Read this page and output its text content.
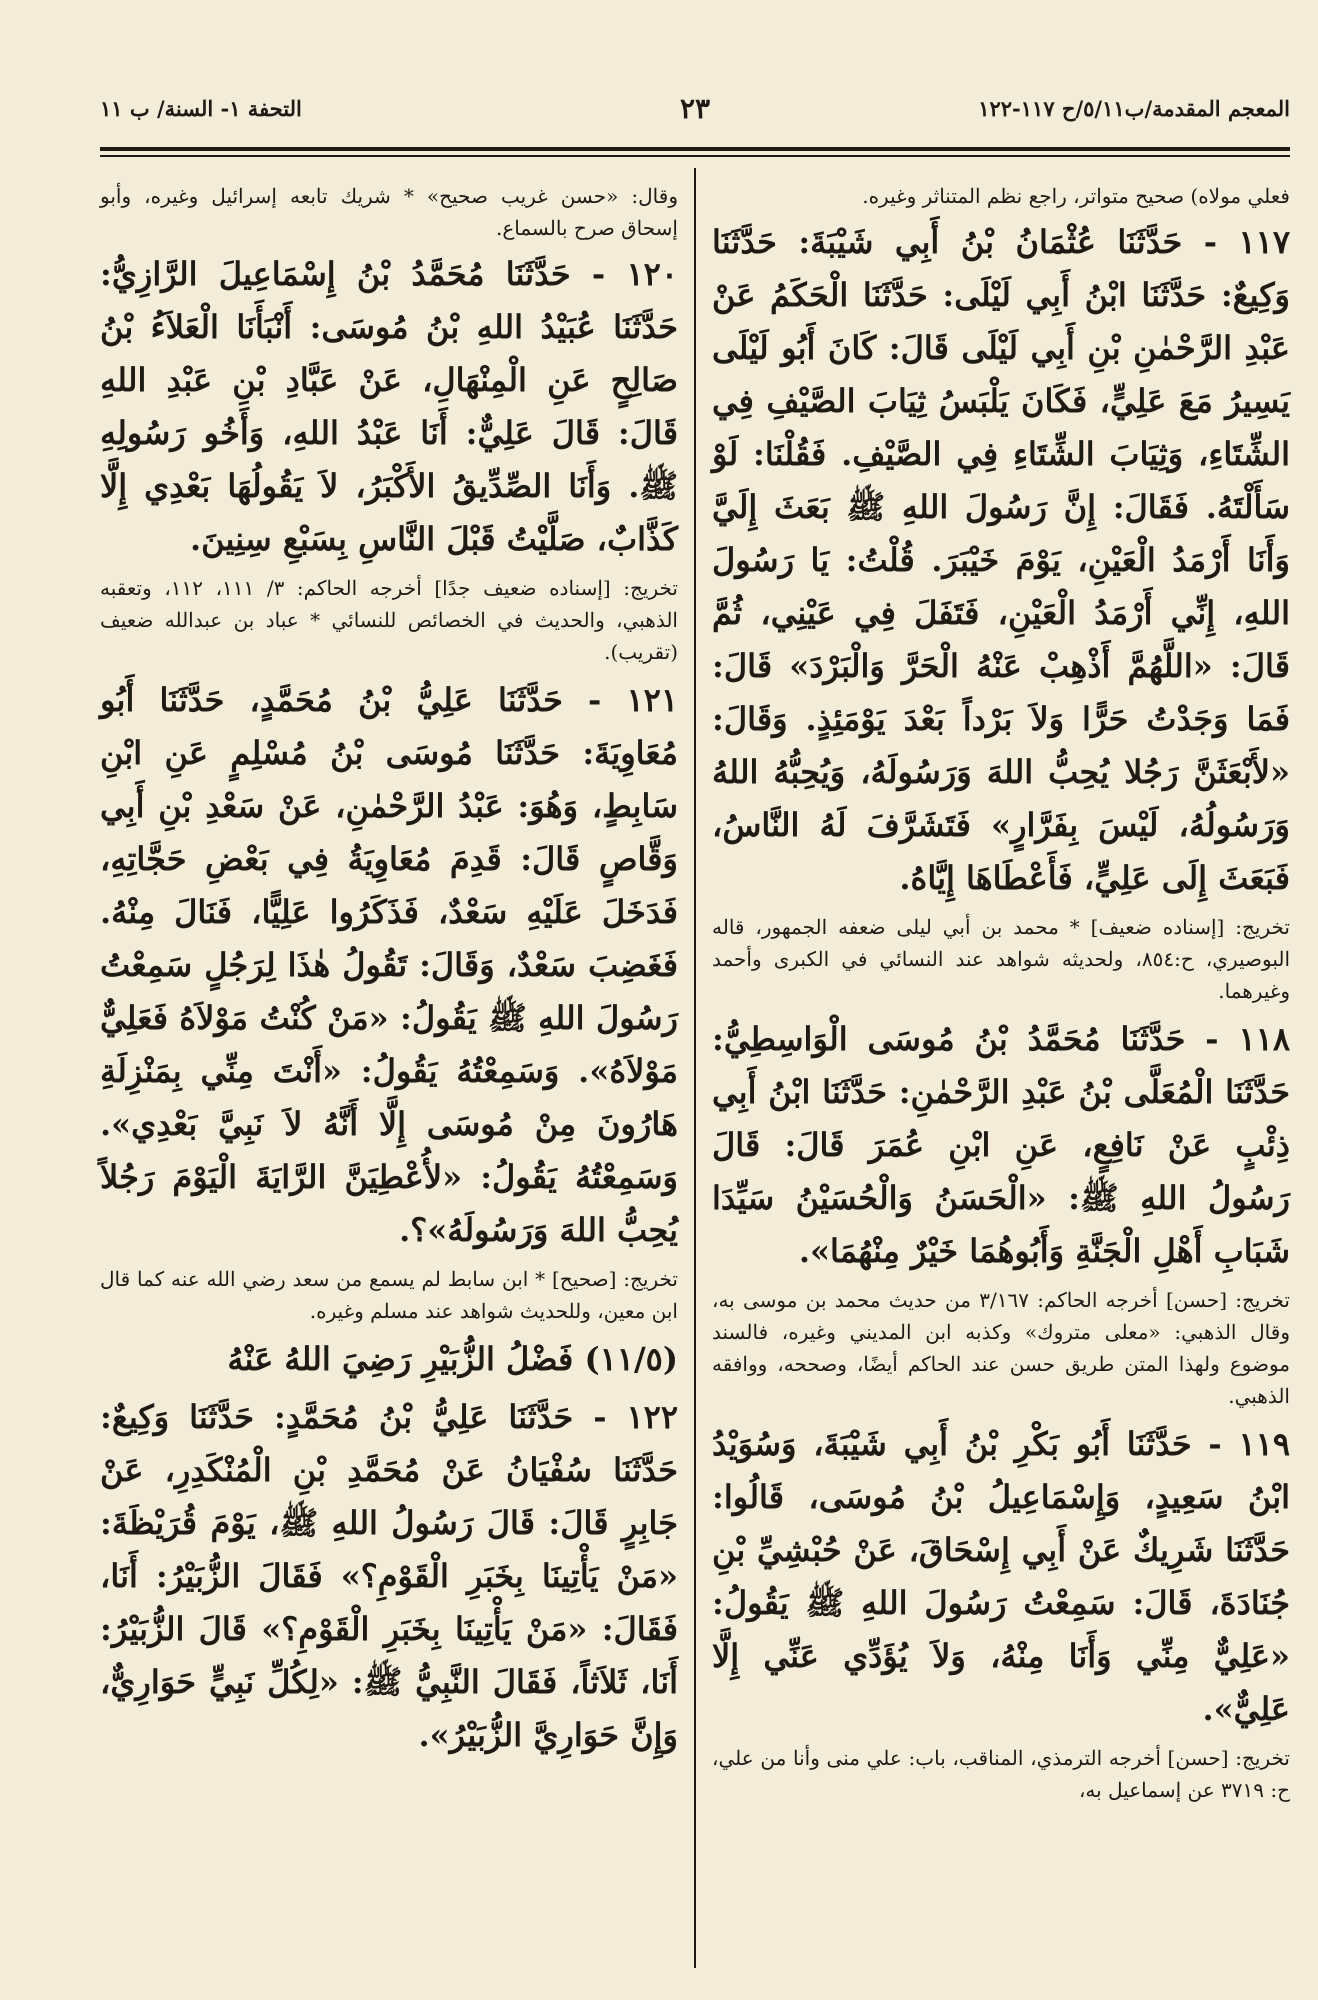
المعجم المقدمة/ب٥/١١/ح ١١٧-١٢٢
٢٣
التحفة ١- السنة/ ب ١١

فعلي مولاه) صحيح متواتر، راجع نظم المتناثر وغيره.

١١٧ - حَدَّثَنَا عُثْمَانُ بْنُ أَبِي شَيْبَةَ: حَدَّثَنَا وَكِيعٌ: حَدَّثَنَا ابْنُ أَبِي لَيْلَى: حَدَّثَنَا الْحَكَمُ عَنْ عَبْدِ الرَّحْمٰنِ بْنِ أَبِي لَيْلَى قَالَ: كَانَ أَبُو لَيْلَى يَسِيرُ مَعَ عَلِيٍّ، فَكَانَ يَلْبَسُ ثِيَابَ الصَّيْفِ فِي الشِّتَاءِ، وَثِيَابَ الشِّتَاءِ فِي الصَّيْفِ. فَقُلْنَا: لَوْ سَأَلْتَهُ. فَقَالَ: إِنَّ رَسُولَ اللهِ ﷺ بَعَثَ إِلَيَّ وَأَنَا أَرْمَدُ الْعَيْنِ، يَوْمَ خَيْبَرَ. قُلْتُ: يَا رَسُولَ اللهِ، إِنِّي أَرْمَدُ الْعَيْنِ، فَتَفَلَ فِي عَيْنِي، ثُمَّ قَالَ: «اللَّهُمَّ أَذْهِبْ عَنْهُ الْحَرَّ وَالْبَرْدَ» قَالَ: فَمَا وَجَدْتُ حَرًّا وَلاَ بَرْداً بَعْدَ يَوْمَئِذٍ. وَقَالَ: «لأَبْعَثَنَّ رَجُلا يُحِبُّ اللهَ وَرَسُولَهُ، وَيُحِبُّهُ اللهُ وَرَسُولُهُ، لَيْسَ بِفَرَّارٍ» فَتَشَرَّفَ لَهُ النَّاسُ، فَبَعَثَ إِلَى عَلِيٍّ، فَأَعْطَاهَا إِيَّاهُ.

تخريج: [إسناده ضعيف] * محمد بن أبي ليلى ضعفه الجمهور، قاله البوصيري، ح:٨٥٤، ولحديثه شواهد عند النسائي في الكبرى وأحمد وغيرهما.

١١٨ - حَدَّثَنَا مُحَمَّدُ بْنُ مُوسَى الْوَاسِطِيُّ: حَدَّثَنَا الْمُعَلَّى بْنُ عَبْدِ الرَّحْمٰنِ: حَدَّثَنَا ابْنُ أَبِي ذِئْبٍ عَنْ نَافِعٍ، عَنِ ابْنِ عُمَرَ قَالَ: قَالَ رَسُولُ اللهِ ﷺ: «الْحَسَنُ وَالْحُسَيْنُ سَيِّدَا شَبَابِ أَهْلِ الْجَنَّةِ وَأَبُوهُمَا خَيْرٌ مِنْهُمَا».

تخريج: [حسن] أخرجه الحاكم: ٣/١٦٧ من حديث محمد بن موسى به، وقال الذهبي: «معلى متروك» وكذبه ابن المديني وغيره، فالسند موضوع ولهذا المتن طريق حسن عند الحاكم أيضًا، وصححه، ووافقه الذهبي.

١١٩ - حَدَّثَنَا أَبُو بَكْرِ بْنُ أَبِي شَيْبَةَ، وَسُوَيْدُ ابْنُ سَعِيدٍ، وَإِسْمَاعِيلُ بْنُ مُوسَى، قَالُوا: حَدَّثَنَا شَرِيكٌ عَنْ أَبِي إِسْحَاقَ، عَنْ حُبْشِيِّ بْنِ جُنَادَةَ، قَالَ: سَمِعْتُ رَسُولَ اللهِ ﷺ يَقُولُ: «عَلِيٌّ مِنِّي وَأَنَا مِنْهُ، وَلاَ يُؤَدِّي عَنِّي إِلَّا عَلِيٌّ».

تخريج: [حسن] أخرجه الترمذي، المناقب، باب: علي منى وأنا من علي، ح: ٣٧١٩ عن إسماعيل به،

وقال: «حسن غريب صحيح» * شريك تابعه إسرائيل وغيره، وأبو إسحاق صرح بالسماع.

١٢٠ - حَدَّثَنَا مُحَمَّدُ بْنُ إِسْمَاعِيلَ الرَّازِيُّ: حَدَّثَنَا عُبَيْدُ اللهِ بْنُ مُوسَى: أَنْبَأَنَا الْعَلاَءُ بْنُ صَالِحٍ عَنِ الْمِنْهَالِ، عَنْ عَبَّادِ بْنِ عَبْدِ اللهِ قَالَ: قَالَ عَلِيٌّ: أَنَا عَبْدُ اللهِ، وَأَخُو رَسُولِهِ ﷺ. وَأَنَا الصِّدِّيقُ الأَكْبَرُ، لاَ يَقُولُهَا بَعْدِي إِلَّا كَذَّابٌ، صَلَّيْتُ قَبْلَ النَّاسِ بِسَبْعِ سِنِينَ.

تخريج: [إسناده ضعيف جدًا] أخرجه الحاكم: ٣/ ١١١، ١١٢، وتعقبه الذهبي، والحديث في الخصائص للنسائي * عباد بن عبدالله ضعيف (تقريب).

١٢١ - حَدَّثَنَا عَلِيُّ بْنُ مُحَمَّدٍ، حَدَّثَنَا أَبُو مُعَاوِيَةَ: حَدَّثَنَا مُوسَى بْنُ مُسْلِمٍ عَنِ ابْنِ سَابِطٍ، وَهُوَ: عَبْدُ الرَّحْمٰنِ، عَنْ سَعْدِ بْنِ أَبِي وَقَّاصٍ قَالَ: قَدِمَ مُعَاوِيَةُ فِي بَعْضِ حَجَّاتِهِ، فَدَخَلَ عَلَيْهِ سَعْدٌ، فَذَكَرُوا عَلِيًّا، فَنَالَ مِنْهُ. فَغَضِبَ سَعْدٌ، وَقَالَ: تَقُولُ هٰذَا لِرَجُلٍ سَمِعْتُ رَسُولَ اللهِ ﷺ يَقُولُ: «مَنْ كُنْتُ مَوْلاَهُ فَعَلِيٌّ مَوْلاَهُ». وَسَمِعْتُهُ يَقُولُ: «أَنْتَ مِنِّي بِمَنْزِلَةِ هَارُونَ مِنْ مُوسَى إِلَّا أَنَّهُ لاَ نَبِيَّ بَعْدِي». وَسَمِعْتُهُ يَقُولُ: «لأُعْطِيَنَّ الرَّايَةَ الْيَوْمَ رَجُلاً يُحِبُّ اللهَ وَرَسُولَهُ»؟.

تخريج: [صحيح] * ابن سابط لم يسمع من سعد رضي الله عنه كما قال ابن معين، وللحديث شواهد عند مسلم وغيره.

(١١/٥) فَضْلُ الزُّبَيْرِ رَضِيَ اللهُ عَنْهُ

١٢٢ - حَدَّثَنَا عَلِيُّ بْنُ مُحَمَّدٍ: حَدَّثَنَا وَكِيعٌ: حَدَّثَنَا سُفْيَانُ عَنْ مُحَمَّدِ بْنِ الْمُنْكَدِرِ، عَنْ جَابِرٍ قَالَ: قَالَ رَسُولُ اللهِ ﷺ، يَوْمَ قُرَيْظَةَ: «مَنْ يَأْتِينَا بِخَبَرِ الْقَوْمِ؟» فَقَالَ الزُّبَيْرُ: أَنَا، فَقَالَ: «مَنْ يَأْتِينَا بِخَبَرِ الْقَوْمِ؟» قَالَ الزُّبَيْرُ: أَنَا، ثَلاَثاً، فَقَالَ النَّبِيُّ ﷺ: «لِكُلِّ نَبِيٍّ حَوَارِيٌّ، وَإِنَّ حَوَارِيَّ الزُّبَيْرُ».
